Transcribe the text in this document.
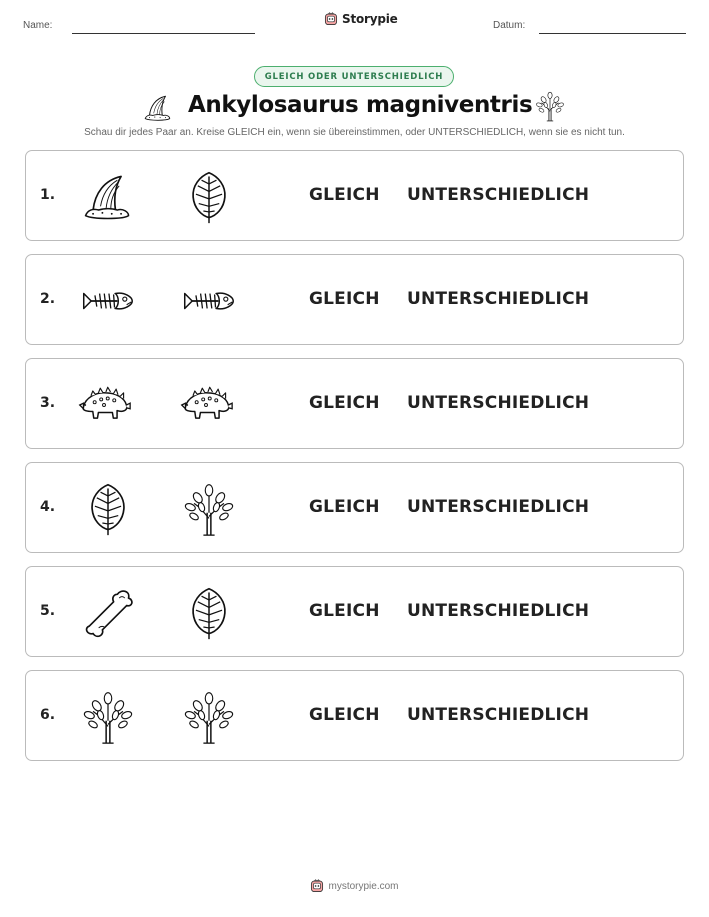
Name:	Storypie	Datum:
GLEICH ODER UNTERSCHIEDLICH
Ankylosaurus magniventris
Schau dir jedes Paar an. Kreise GLEICH ein, wenn sie übereinstimmen, oder UNTERSCHIEDLICH, wenn sie es nicht tun.
1.	GLEICH UNTERSCHIEDLICH
2.	GLEICH UNTERSCHIEDLICH
3.	GLEICH UNTERSCHIEDLICH
4.	GLEICH UNTERSCHIEDLICH
5.	GLEICH UNTERSCHIEDLICH
6.	GLEICH UNTERSCHIEDLICH
mystorypie.com
